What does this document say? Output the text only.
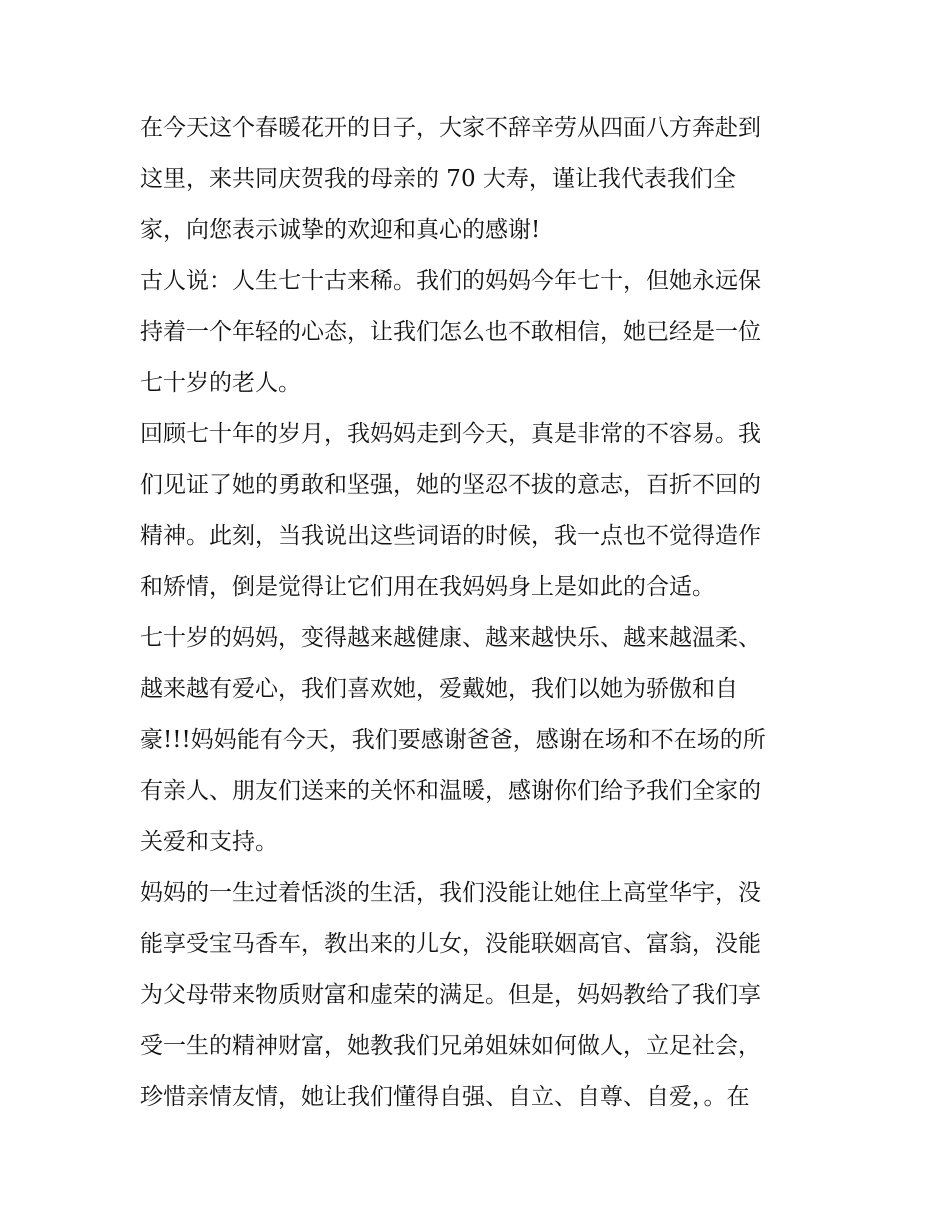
在今天这个春暖花开的日子，大家不辞辛劳从四面八方奔赴到
这里，来共同庆贺我的母亲的 70 大寿，谨让我代表我们全
家，向您表示诚挚的欢迎和真心的感谢!
古人说：人生七十古来稀。我们的妈妈今年七十，但她永远保
持着一个年轻的心态，让我们怎么也不敢相信，她已经是一位
七十岁的老人。
回顾七十年的岁月，我妈妈走到今天，真是非常的不容易。我
们见证了她的勇敢和坚强，她的坚忍不拔的意志，百折不回的
精神。此刻，当我说出这些词语的时候，我一点也不觉得造作
和矫情，倒是觉得让它们用在我妈妈身上是如此的合适。
七十岁的妈妈，变得越来越健康、越来越快乐、越来越温柔、
越来越有爱心，我们喜欢她，爱戴她，我们以她为骄傲和自
豪!!!妈妈能有今天，我们要感谢爸爸，感谢在场和不在场的所
有亲人、朋友们送来的关怀和温暖，感谢你们给予我们全家的
关爱和支持。
妈妈的一生过着恬淡的生活，我们没能让她住上高堂华宇，没
能享受宝马香车，教出来的儿女，没能联姻高官、富翁，没能
为父母带来物质财富和虚荣的满足。但是，妈妈教给了我们享
受一生的精神财富，她教我们兄弟姐妹如何做人，立足社会，
珍惜亲情友情，她让我们懂得自强、自立、自尊、自爱，。在
